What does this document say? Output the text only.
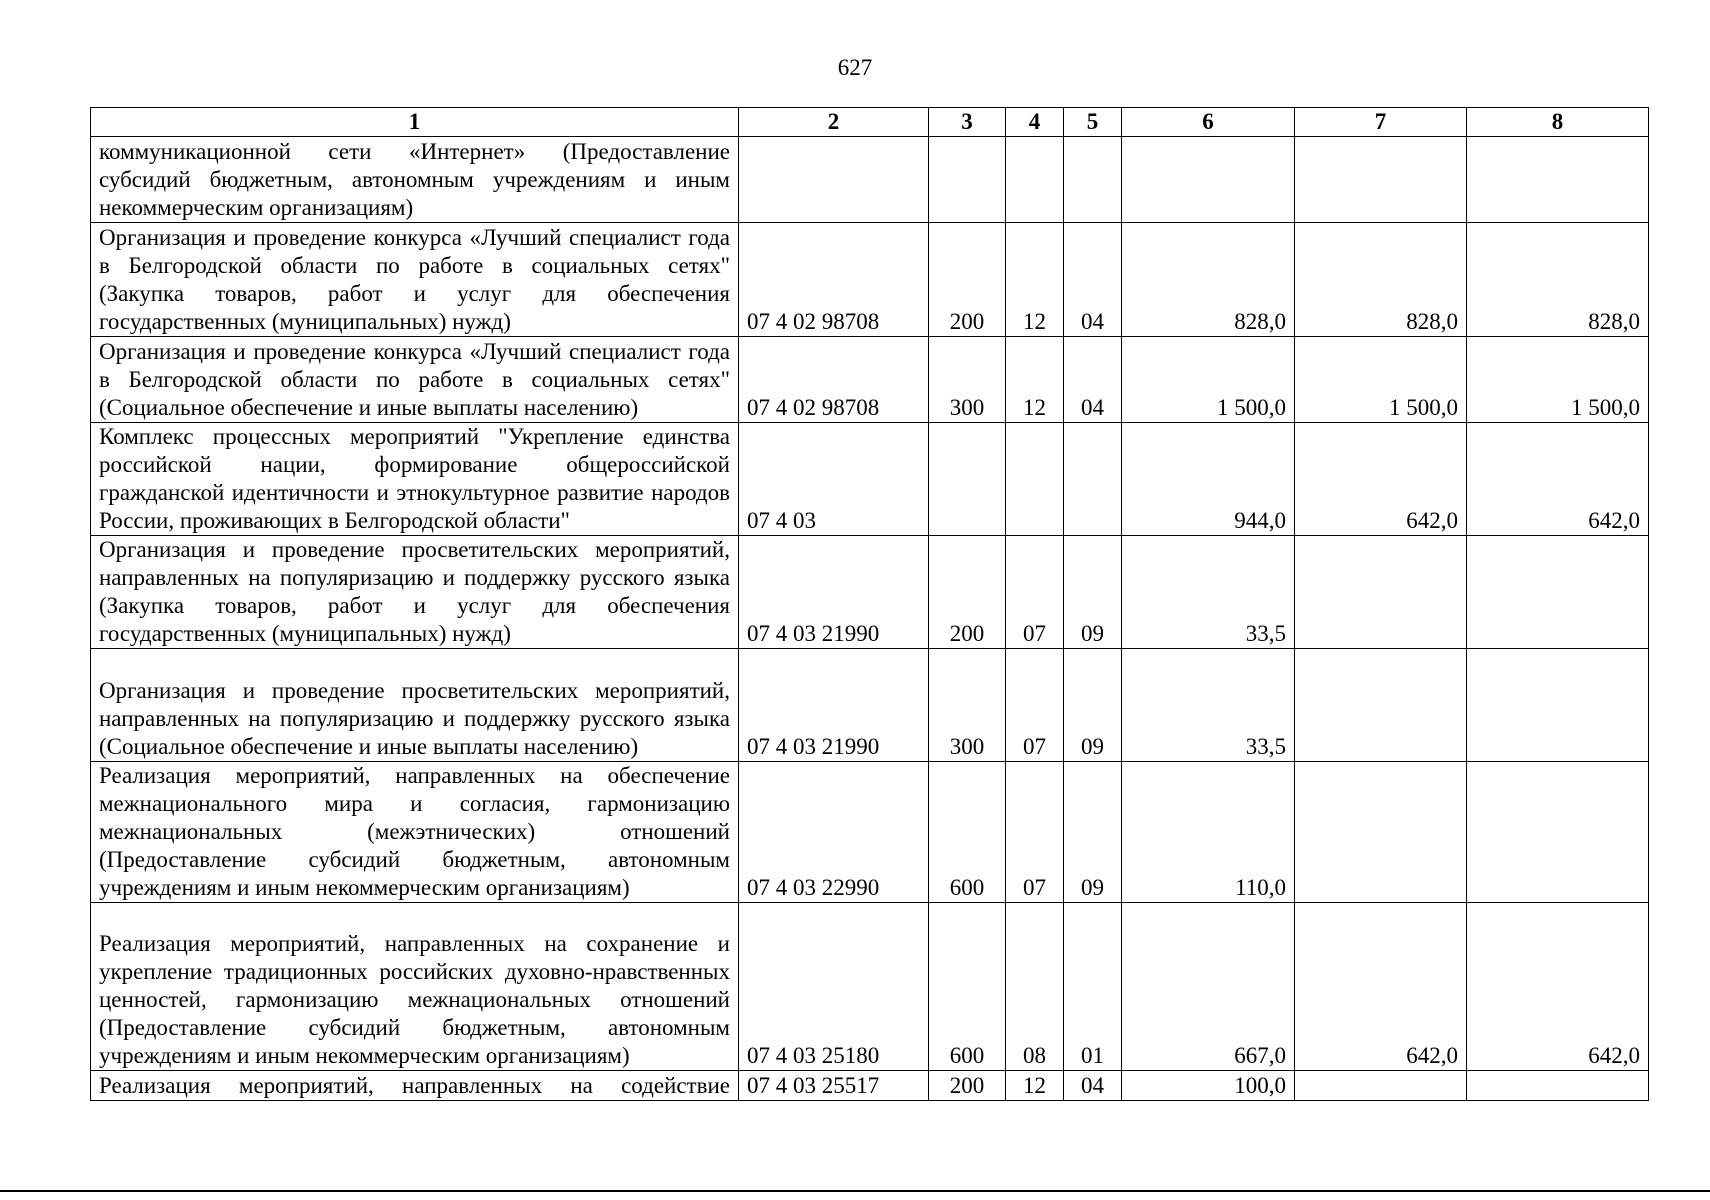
627
1	2	3	4	5	6	7	8
коммуникационной сети «Интернет» (Предоставление субсидий бюджетным, автономным учреждениям и иным некоммерческим организациям)							
Организация и проведение конкурса «Лучший специалист года в Белгородской области по работе в социальных сетях" (Закупка товаров, работ и услуг для обеспечения государственных (муниципальных) нужд)	07 4 02 98708	200	12	04	828,0	828,0	828,0
Организация и проведение конкурса «Лучший специалист года в Белгородской области по работе в социальных сетях" (Социальное обеспечение и иные выплаты населению)	07 4 02 98708	300	12	04	1 500,0	1 500,0	1 500,0
Комплекс процессных мероприятий "Укрепление единства российской нации, формирование общероссийской гражданской идентичности и этнокультурное развитие народов России, проживающих в Белгородской области"	07 4 03				944,0	642,0	642,0
Организация и проведение просветительских мероприятий, направленных на популяризацию и поддержку русского языка (Закупка товаров, работ и услуг для обеспечения государственных (муниципальных) нужд)	07 4 03 21990	200	07	09	33,5		
Организация и проведение просветительских мероприятий, направленных на популяризацию и поддержку русского языка (Социальное обеспечение и иные выплаты населению)	07 4 03 21990	300	07	09	33,5		
Реализация мероприятий, направленных на обеспечение межнационального мира и согласия, гармонизацию межнациональных (межэтнических) отношений (Предоставление субсидий бюджетным, автономным учреждениям и иным некоммерческим организациям)	07 4 03 22990	600	07	09	110,0		
Реализация мероприятий, направленных на сохранение и укрепление традиционных российских духовно-нравственных ценностей, гармонизацию межнациональных отношений (Предоставление субсидий бюджетным, автономным учреждениям и иным некоммерческим организациям)	07 4 03 25180	600	08	01	667,0	642,0	642,0
Реализация мероприятий, направленных на содействие	07 4 03 25517	200	12	04	100,0		
